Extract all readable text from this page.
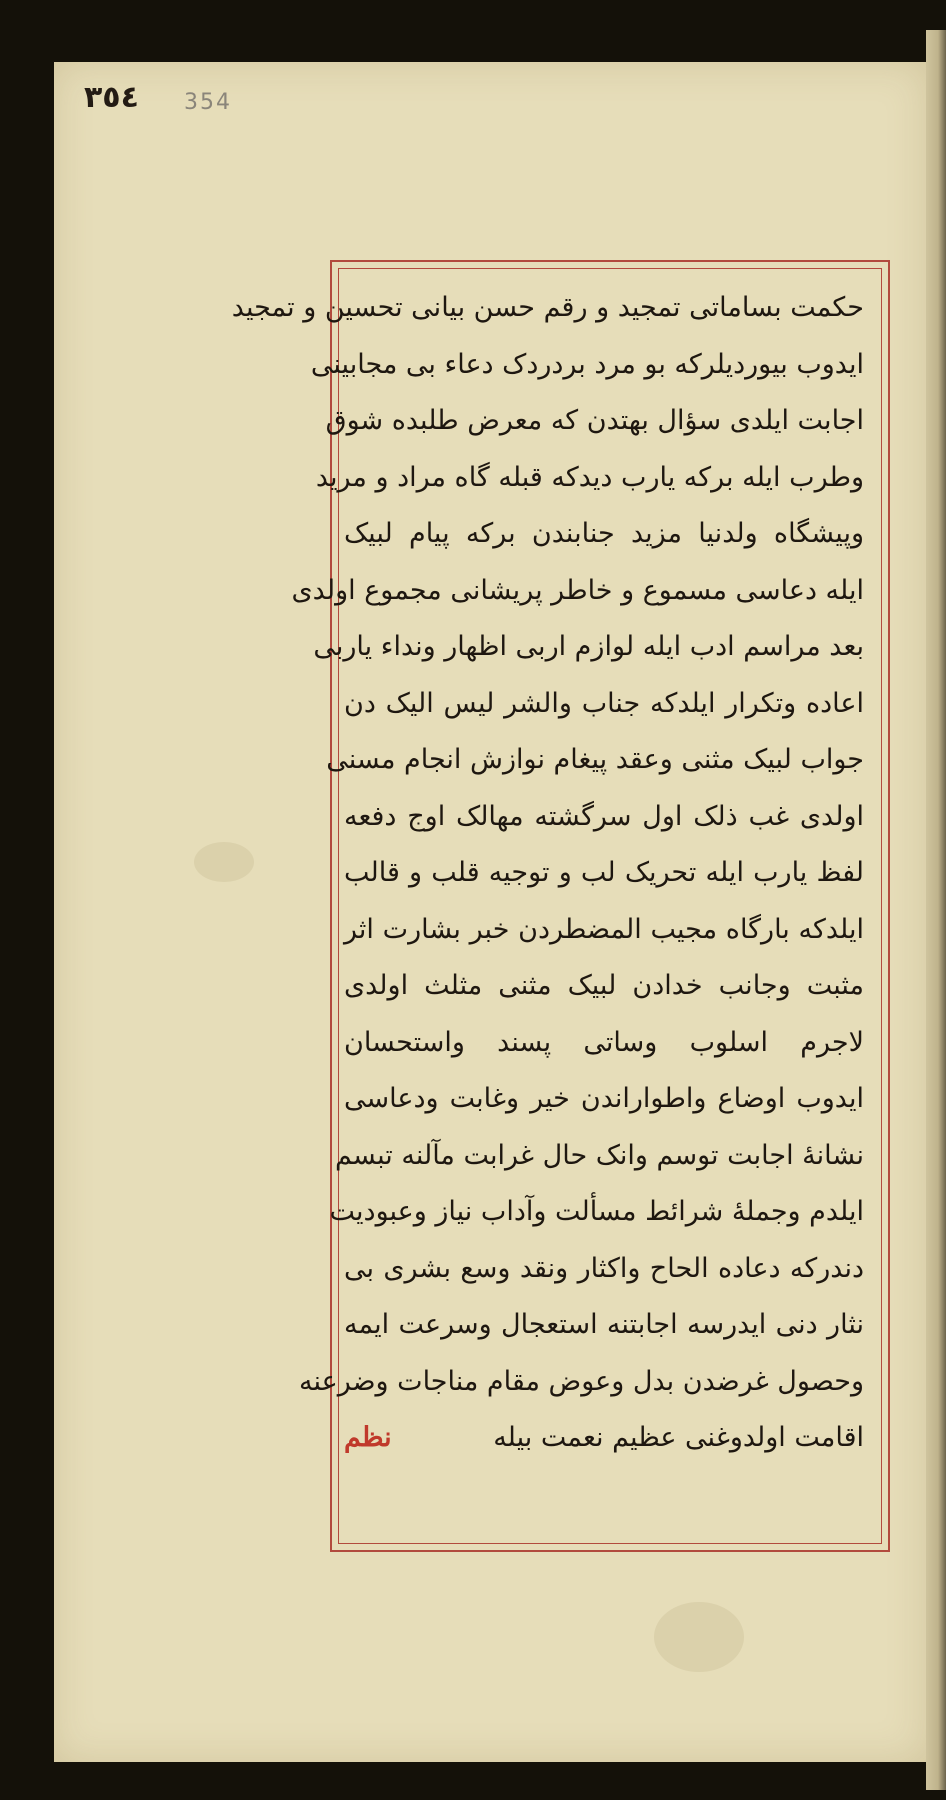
٣٥٤ 354
حكمت بساماتی تمجید و رقم حسن بیانی تحسین و تمجید
ایدوب بیوردیلرکه بو مرد بردردک دعاء بی مجابینی
اجابت ایلدی سؤال بهتدن که معرض طلبده شوق
وطرب ایله برکه یارب دیدکه قبله گاه مراد و مرید
وپیشگاه ولدنیا مزید جنابندن برکه پیام لبیک
ایله دعاسی مسموع و خاطر پریشانی مجموع اولدی
بعد مراسم ادب ایله لوازم اربی اظهار ونداء یاربی
اعاده وتکرار ایلدکه جناب والشر لیس الیک دن
جواب لبیک مثنی وعقد پیغام نوازش انجام مسنی
اولدی غب ذلک اول سرگشته مهالک اوج دفعه
لفظ یارب ایله تحریک لب و توجیه قلب و قالب
ایلدکه بارگاه مجیب المضطردن خبر بشارت اثر
مثبت وجانب خدادن لبیک مثنی مثلث اولدی
لاجرم اسلوب وساتی پسند واستحسان
ایدوب اوضاع واطواراندن خیر وغابت ودعاسی
نشانهٔ اجابت توسم وانک حال غرابت مآلنه تبسم
ایلدم وجملهٔ شرائط مسألت وآداب نیاز وعبودیت
دندرکه دعاده الحاح واکثار ونقد وسع بشری بی
نثار دنی ایدرسه اجابتنه استعجال وسرعت ایمه
وحصول غرضدن بدل وعوض مقام مناجات وضرعنه
اقامت اولدوغنی عظیم نعمت بیله
نظم
